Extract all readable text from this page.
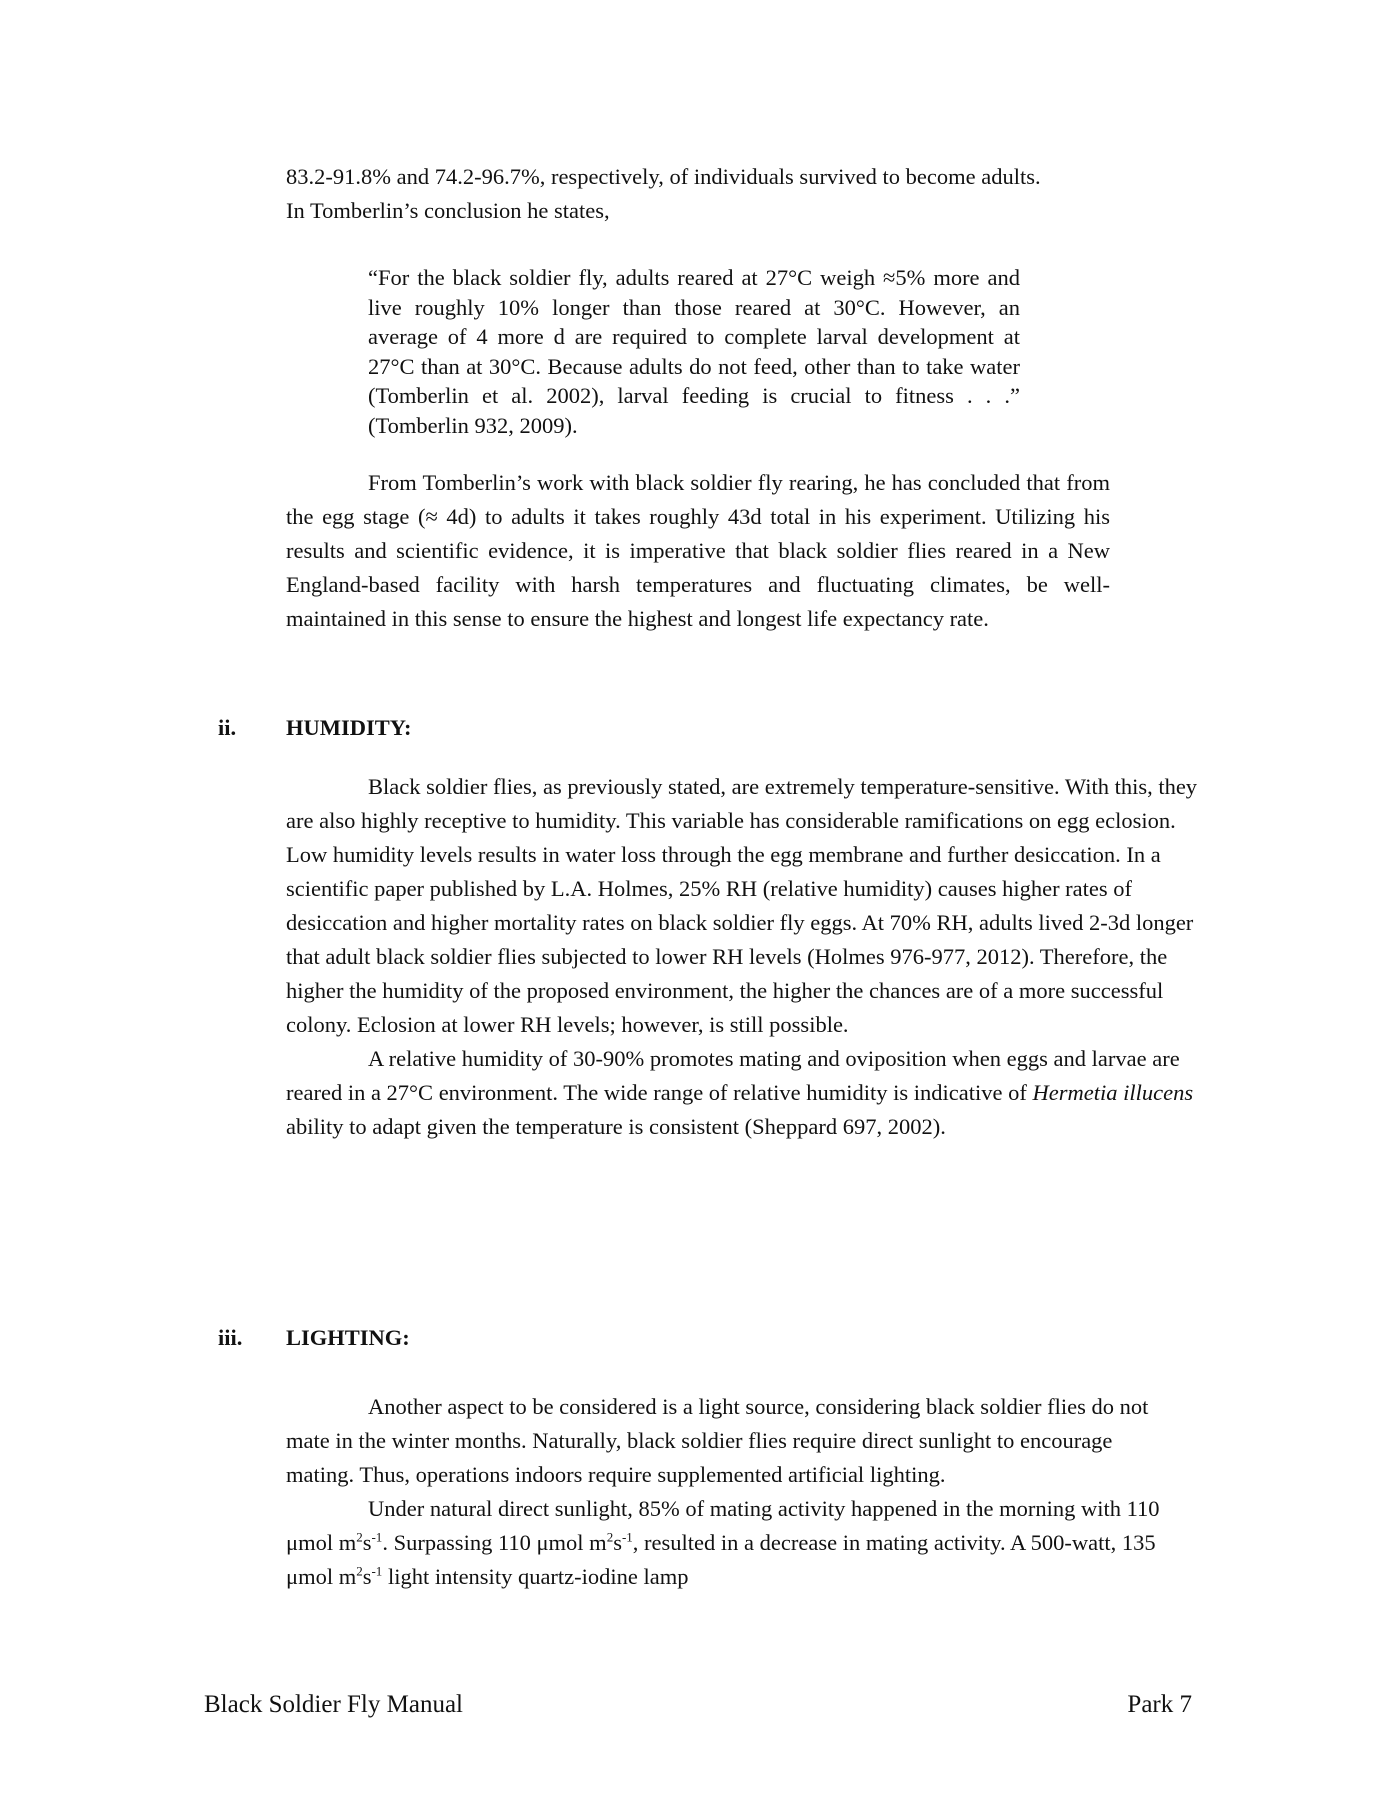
83.2-91.8% and 74.2-96.7%, respectively, of individuals survived to become adults.

In Tomberlin’s conclusion he states,

“For the black soldier fly, adults reared at 27°C weigh ≈5% more and live roughly 10% longer than those reared at 30°C. However, an average of 4 more d are required to complete larval development at 27°C than at 30°C. Because adults do not feed, other than to take water (Tomberlin et al. 2002), larval feeding is crucial to fitness . . .” (Tomberlin 932, 2009).

From Tomberlin’s work with black soldier fly rearing, he has concluded that from the egg stage (≈ 4d) to adults it takes roughly 43d total in his experiment. Utilizing his results and scientific evidence, it is imperative that black soldier flies reared in a New England-based facility with harsh temperatures and fluctuating climates, be well-maintained in this sense to ensure the highest and longest life expectancy rate.

ii. HUMIDITY:

Black soldier flies, as previously stated, are extremely temperature-sensitive. With this, they are also highly receptive to humidity. This variable has considerable ramifications on egg eclosion. Low humidity levels results in water loss through the egg membrane and further desiccation. In a scientific paper published by L.A. Holmes, 25% RH (relative humidity) causes higher rates of desiccation and higher mortality rates on black soldier fly eggs. At 70% RH, adults lived 2-3d longer that adult black soldier flies subjected to lower RH levels (Holmes 976-977, 2012). Therefore, the higher the humidity of the proposed environment, the higher the chances are of a more successful colony. Eclosion at lower RH levels; however, is still possible.

A relative humidity of 30-90% promotes mating and oviposition when eggs and larvae are reared in a 27°C environment. The wide range of relative humidity is indicative of Hermetia illucens ability to adapt given the temperature is consistent (Sheppard 697, 2002).

iii. LIGHTING:

Another aspect to be considered is a light source, considering black soldier flies do not mate in the winter months. Naturally, black soldier flies require direct sunlight to encourage mating. Thus, operations indoors require supplemented artificial lighting.

Under natural direct sunlight, 85% of mating activity happened in the morning with 110 μmol $m^2s^{-1}$. Surpassing 110 μmol $m^2s^{-1}$, resulted in a decrease in mating activity. A 500-watt, 135 μmol $m^2s^{-1}$ light intensity quartz-iodine lamp

Black Soldier Fly Manual	Park 7
